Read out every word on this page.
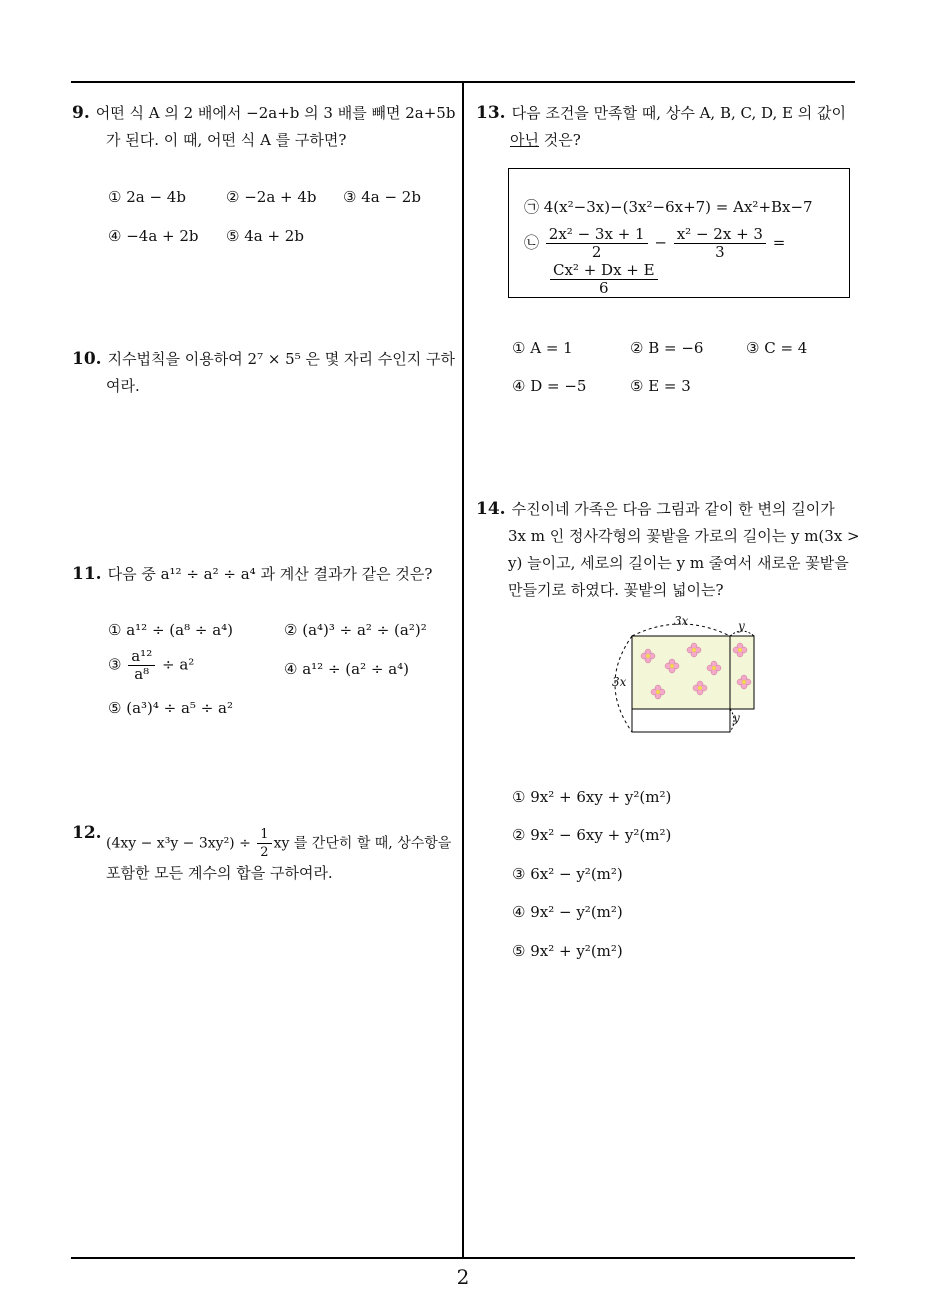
9. 어떤 식 A 의 2 배에서 −2a+b 의 3 배를 빼면 2a+5b
가 된다. 이 때, 어떤 식 A 를 구하면?
① 2a − 4b	② −2a + 4b ③ 4a − 2b
④ −4a + 2b ⑤ 4a + 2b
10. 지수법칙을 이용하여 2⁷ × 5⁵ 은 몇 자리 수인지 구하
여라.
11. 다음 중 a¹² ÷ a² ÷ a⁴ 과 계산 결과가 같은 것은?
① a¹² ÷ (a⁸ ÷ a⁴)	② (a⁴)³ ÷ a² ÷ (a²)²
③ $\frac{\text{a¹²}}{\text{a⁸}} \div a^2$	④ a¹² ÷ (a² ÷ a⁴)
⑤ (a³)⁴ ÷ a⁵ ÷ a²
12.

$(4xy - x^3y - 3xy^2) \div \frac{1}{2}$ xy 를 간단히 할 때, 상수항을
포함한 모든 계수의 합을 구하여라.
13. 다음 조건을 만족할 때, 상수 A, B, C, D, E 의 값이
아닌 것은?
㉠ 4(x²−3x)−(3x²−6x+7) = Ax²+Bx−7
㉡ $\frac{\text{2x² − 3x + 1}}{2} - \frac{\text{x² − 2x + 3}}{3}$ =
$\frac{\text{Cx² + Dx + E}}{6}$
① A = 1	② B = −6	③ C = 4
④ D = −5	⑤ E = 3
14. 수진이네 가족은 다음 그림과 같이 한 변의 길이가
3x m 인 정사각형의 꽃밭을 가로의 길이는 y m(3x >
y) 늘이고, 세로의 길이는 y m 줄여서 새로운 꽃밭을
만들기로 하였다. 꽃밭의 넓이는?
3x	y
3x
y
① 9x² + 6xy + y²(m²)
② 9x² − 6xy + y²(m²)
③ 6x² − y²(m²)
④ 9x² − y²(m²)
⑤ 9x² + y²(m²)
2
